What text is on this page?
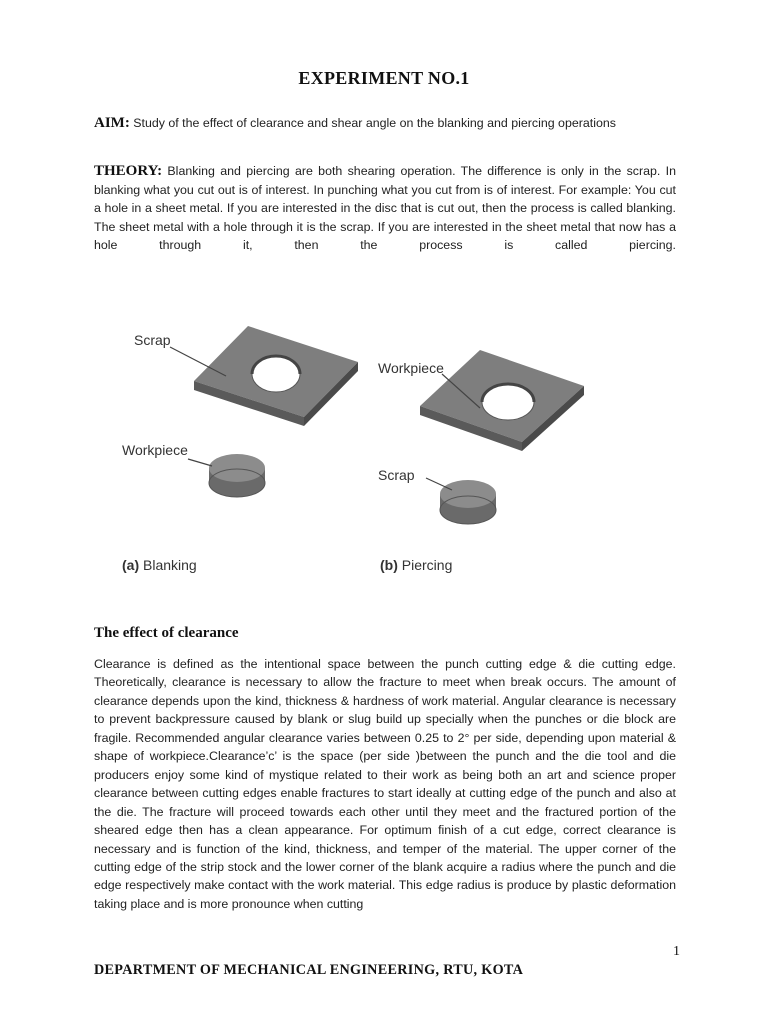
EXPERIMENT NO.1
AIM: Study of the effect of clearance and shear angle on the blanking and piercing operations
THEORY: Blanking and piercing are both shearing operation. The difference is only in the scrap. In blanking what you cut out is of interest. In punching what you cut from is of interest. For example: You cut a hole in a sheet metal. If you are interested in the disc that is cut out, then the process is called blanking. The sheet metal with a hole through it is the scrap. If you are interested in the sheet metal that now has a hole through it, then the process is called piercing.
Scrap
Workpiece
(a) Blanking
Workpiece
Scrap
(b) Piercing
The effect of clearance
Clearance is defined as the intentional space between the punch cutting edge & die cutting edge. Theoretically, clearance is necessary to allow the fracture to meet when break occurs. The amount of clearance depends upon the kind, thickness & hardness of work material. Angular clearance is necessary to prevent backpressure caused by blank or slug build up specially when the punches or die block are fragile. Recommended angular clearance varies between 0.25 to 2° per side, depending upon material & shape of workpiece.Clearance’c’ is the space (per side )between the punch and the die tool and die producers enjoy some kind of mystique related to their work as being both an art and science proper clearance between cutting edges enable fractures to start ideally at cutting edge of the punch and also at the die. The fracture will proceed towards each other until they meet and the fractured portion of the sheared edge then has a clean appearance. For optimum finish of a cut edge, correct clearance is necessary and is function of the kind, thickness, and temper of the material. The upper corner of the cutting edge of the strip stock and the lower corner of the blank acquire a radius where the punch and die edge respectively make contact with the work material. This edge radius is produce by plastic deformation taking place and is more pronounce when cutting
1
DEPARTMENT OF MECHANICAL ENGINEERING, RTU, KOTA
